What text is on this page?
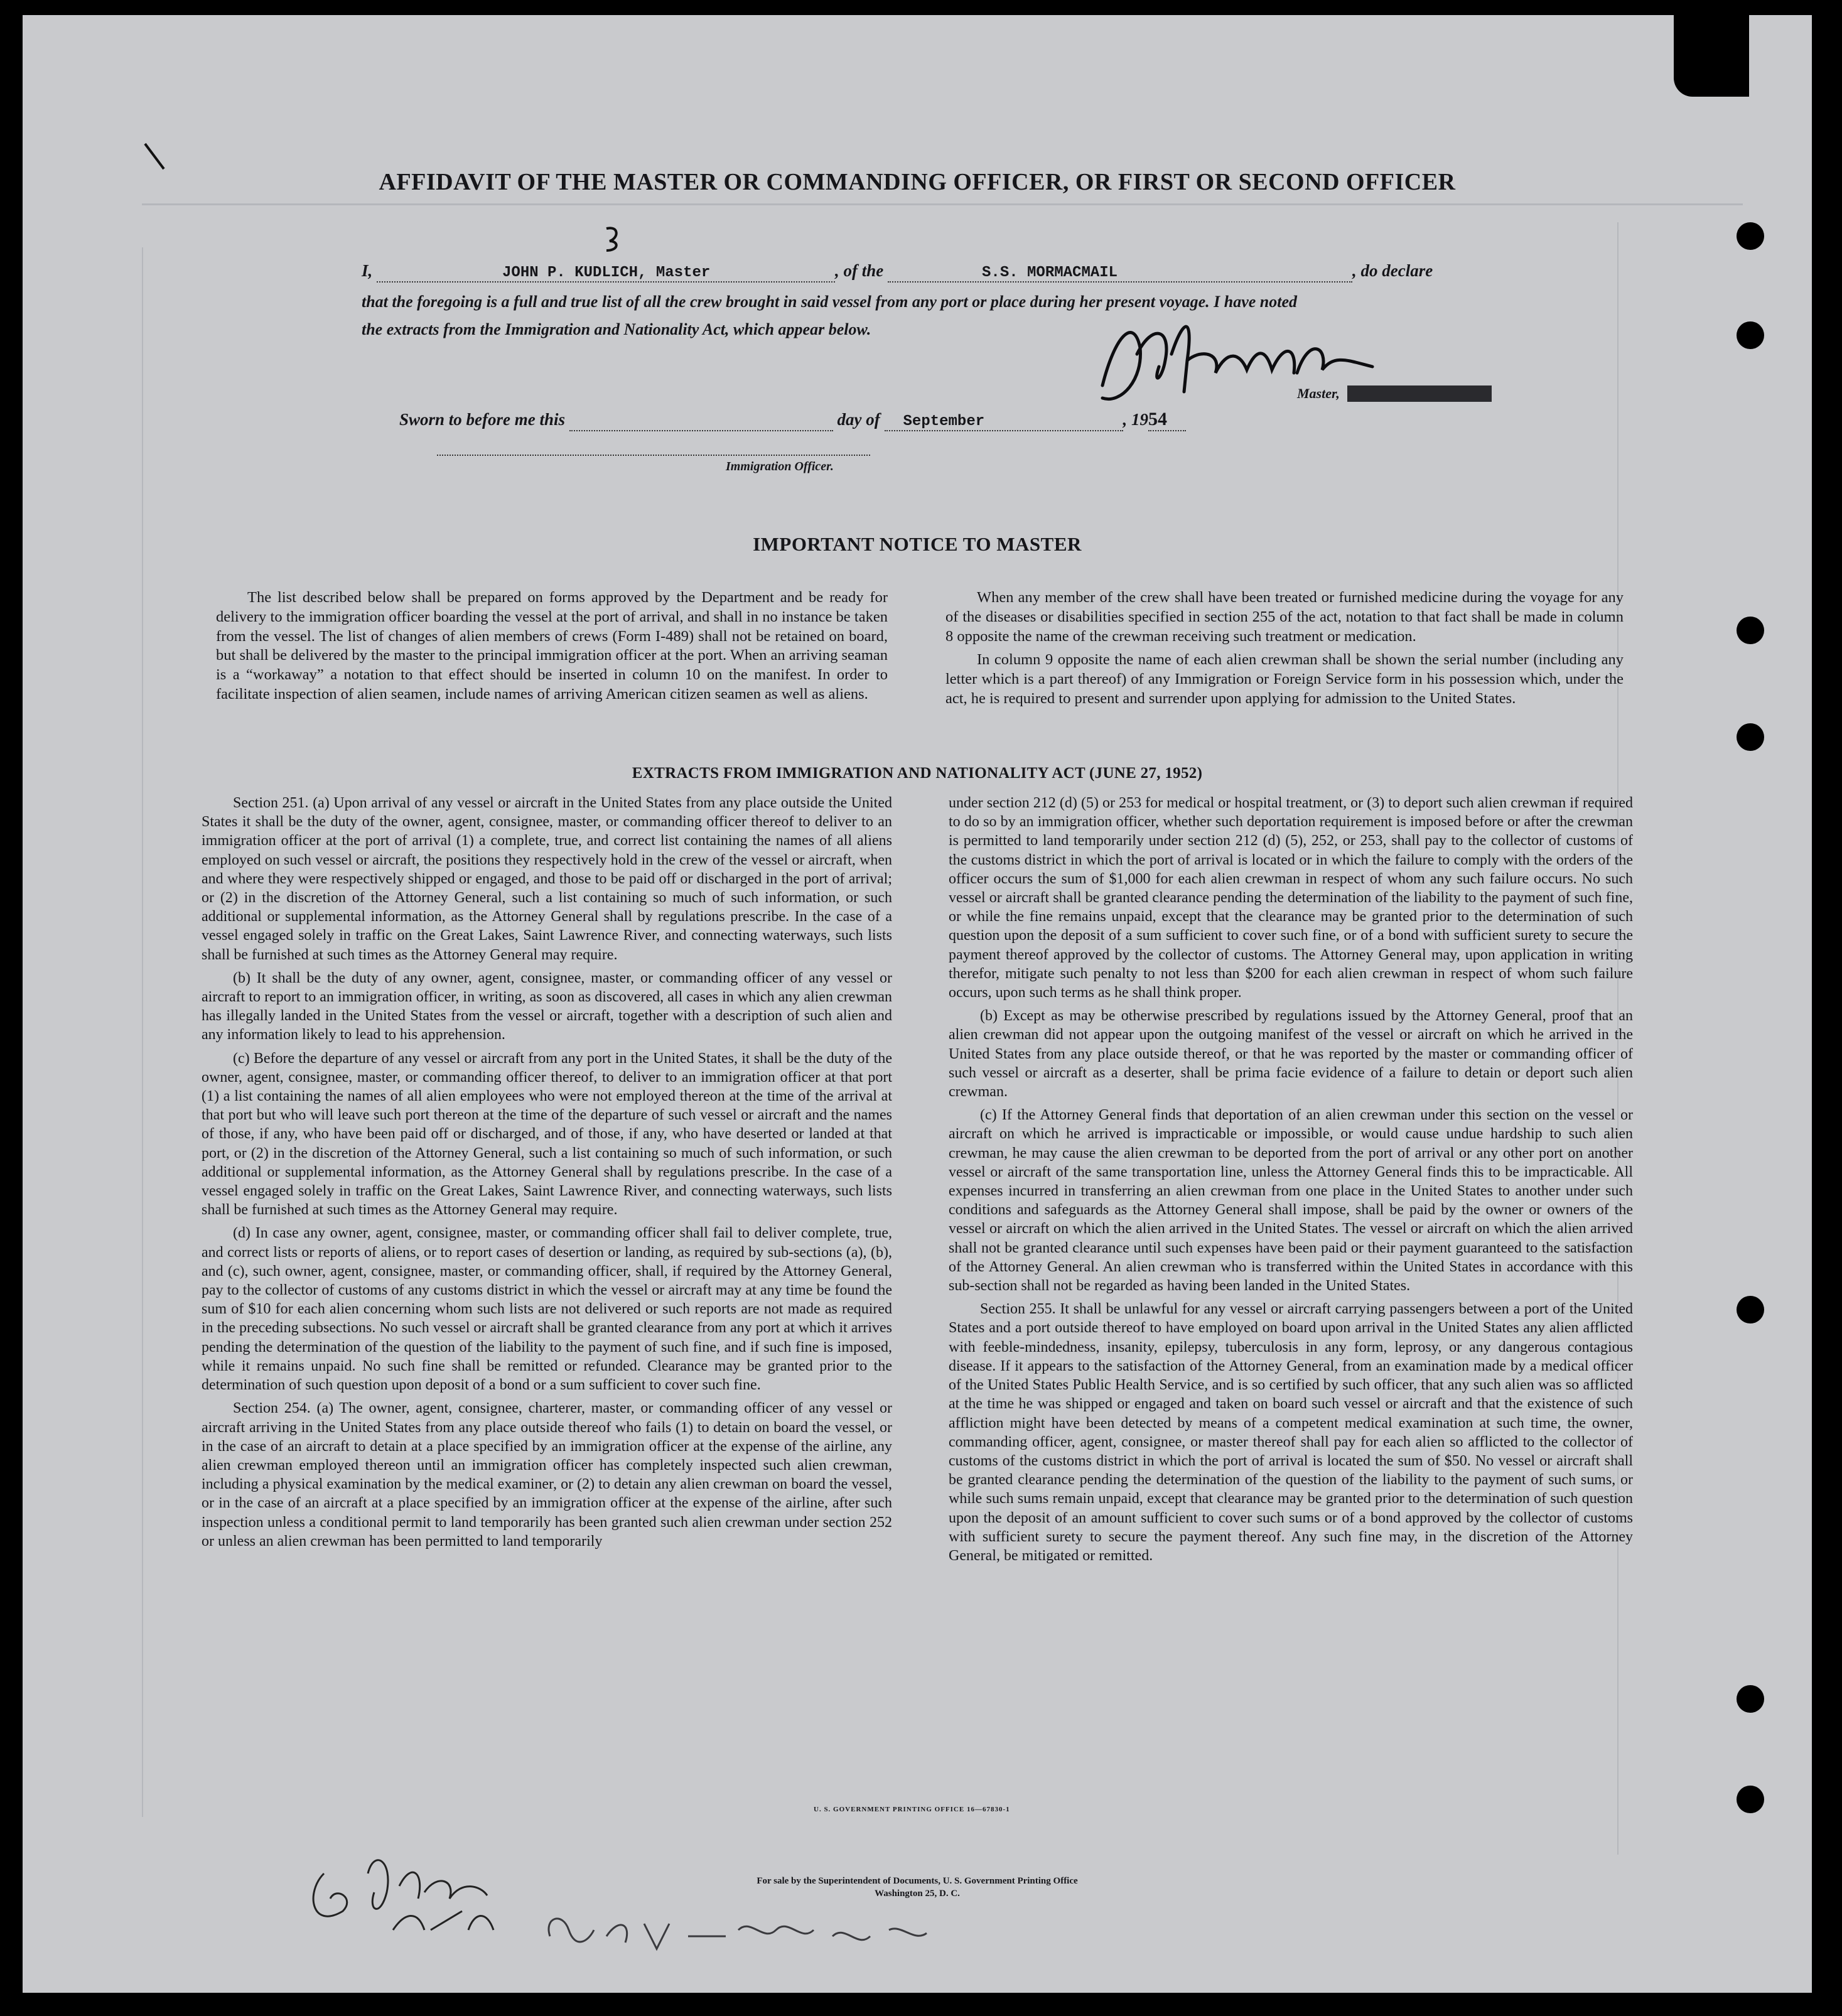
AFFIDAVIT OF THE MASTER OR COMMANDING OFFICER, OR FIRST OR SECOND OFFICER
I,	JOHN P. KUDLICH, Master	, of the	S.S. MORMACMAIL	, do declare
that the foregoing is a full and true list of all the crew brought in said vessel from any port or place during her present voyage. I have noted
the extracts from the Immigration and Nationality Act, which appear below.
Master,
Sworn to before me this	day of September	, 1954
Immigration Officer.
IMPORTANT NOTICE TO MASTER

The list described below shall be prepared on forms approved by the Department and be ready for delivery to the immigration officer boarding the vessel at the port of arrival, and shall in no instance be taken from the vessel. The list of changes of alien members of crews (Form I-489) shall not be retained on board, but shall be delivered by the master to the principal immigration officer at the port. When an arriving seaman is a “workaway” a notation to that effect should be inserted in column 10 on the manifest. In order to facilitate inspection of alien seamen, include names of arriving American citizen seamen as well as aliens.

When any member of the crew shall have been treated or furnished medicine during the voyage for any of the diseases or disabilities specified in section 255 of the act, notation to that fact shall be made in column 8 opposite the name of the crewman receiving such treatment or medication.

In column 9 opposite the name of each alien crewman shall be shown the serial number (including any letter which is a part thereof) of any Immigration or Foreign Service form in his possession which, under the act, he is required to present and surrender upon applying for admission to the United States.

EXTRACTS FROM IMMIGRATION AND NATIONALITY ACT (JUNE 27, 1952)

Section 251. (a) Upon arrival of any vessel or aircraft in the United States from any place outside the United States it shall be the duty of the owner, agent, consignee, master, or commanding officer thereof to deliver to an immigration officer at the port of arrival (1) a complete, true, and correct list containing the names of all aliens employed on such vessel or aircraft, the positions they respectively hold in the crew of the vessel or aircraft, when and where they were respectively shipped or engaged, and those to be paid off or discharged in the port of arrival; or (2) in the discretion of the Attorney General, such a list containing so much of such information, or such additional or supplemental information, as the Attorney General shall by regulations prescribe. In the case of a vessel engaged solely in traffic on the Great Lakes, Saint Lawrence River, and connecting waterways, such lists shall be furnished at such times as the Attorney General may require.

(b) It shall be the duty of any owner, agent, consignee, master, or commanding officer of any vessel or aircraft to report to an immigration officer, in writing, as soon as discovered, all cases in which any alien crewman has illegally landed in the United States from the vessel or aircraft, together with a description of such alien and any information likely to lead to his apprehension.

(c) Before the departure of any vessel or aircraft from any port in the United States, it shall be the duty of the owner, agent, consignee, master, or commanding officer thereof, to deliver to an immigration officer at that port (1) a list containing the names of all alien employees who were not employed thereon at the time of the arrival at that port but who will leave such port thereon at the time of the departure of such vessel or aircraft and the names of those, if any, who have been paid off or discharged, and of those, if any, who have deserted or landed at that port, or (2) in the discretion of the Attorney General, such a list containing so much of such information, or such additional or supplemental information, as the Attorney General shall by regulations prescribe. In the case of a vessel engaged solely in traffic on the Great Lakes, Saint Lawrence River, and connecting waterways, such lists shall be furnished at such times as the Attorney General may require.

(d) In case any owner, agent, consignee, master, or commanding officer shall fail to deliver complete, true, and correct lists or reports of aliens, or to report cases of desertion or landing, as required by sub-sections (a), (b), and (c), such owner, agent, consignee, master, or commanding officer, shall, if required by the Attorney General, pay to the collector of customs of any customs district in which the vessel or aircraft may at any time be found the sum of $10 for each alien concerning whom such lists are not delivered or such reports are not made as required in the preceding subsections. No such vessel or aircraft shall be granted clearance from any port at which it arrives pending the determination of the question of the liability to the payment of such fine, and if such fine is imposed, while it remains unpaid. No such fine shall be remitted or refunded. Clearance may be granted prior to the determination of such question upon deposit of a bond or a sum sufficient to cover such fine.

Section 254. (a) The owner, agent, consignee, charterer, master, or commanding officer of any vessel or aircraft arriving in the United States from any place outside thereof who fails (1) to detain on board the vessel, or in the case of an aircraft to detain at a place specified by an immigration officer at the expense of the airline, any alien crewman employed thereon until an immigration officer has completely inspected such alien crewman, including a physical examination by the medical examiner, or (2) to detain any alien crewman on board the vessel, or in the case of an aircraft at a place specified by an immigration officer at the expense of the airline, after such inspection unless a conditional permit to land temporarily has been granted such alien crewman under section 252 or unless an alien crewman has been permitted to land temporarily

under section 212 (d) (5) or 253 for medical or hospital treatment, or (3) to deport such alien crewman if required to do so by an immigration officer, whether such deportation requirement is imposed before or after the crewman is permitted to land temporarily under section 212 (d) (5), 252, or 253, shall pay to the collector of customs of the customs district in which the port of arrival is located or in which the failure to comply with the orders of the officer occurs the sum of $1,000 for each alien crewman in respect of whom any such failure occurs. No such vessel or aircraft shall be granted clearance pending the determination of the liability to the payment of such fine, or while the fine remains unpaid, except that the clearance may be granted prior to the determination of such question upon the deposit of a sum sufficient to cover such fine, or of a bond with sufficient surety to secure the payment thereof approved by the collector of customs. The Attorney General may, upon application in writing therefor, mitigate such penalty to not less than $200 for each alien crewman in respect of whom such failure occurs, upon such terms as he shall think proper.

(b) Except as may be otherwise prescribed by regulations issued by the Attorney General, proof that an alien crewman did not appear upon the outgoing manifest of the vessel or aircraft on which he arrived in the United States from any place outside thereof, or that he was reported by the master or commanding officer of such vessel or aircraft as a deserter, shall be prima facie evidence of a failure to detain or deport such alien crewman.

(c) If the Attorney General finds that deportation of an alien crewman under this section on the vessel or aircraft on which he arrived is impracticable or impossible, or would cause undue hardship to such alien crewman, he may cause the alien crewman to be deported from the port of arrival or any other port on another vessel or aircraft of the same transportation line, unless the Attorney General finds this to be impracticable. All expenses incurred in transferring an alien crewman from one place in the United States to another under such conditions and safeguards as the Attorney General shall impose, shall be paid by the owner or owners of the vessel or aircraft on which the alien arrived in the United States. The vessel or aircraft on which the alien arrived shall not be granted clearance until such expenses have been paid or their payment guaranteed to the satisfaction of the Attorney General. An alien crewman who is transferred within the United States in accordance with this sub-section shall not be regarded as having been landed in the United States.

Section 255. It shall be unlawful for any vessel or aircraft carrying passengers between a port of the United States and a port outside thereof to have employed on board upon arrival in the United States any alien afflicted with feeble-mindedness, insanity, epilepsy, tuberculosis in any form, leprosy, or any dangerous contagious disease. If it appears to the satisfaction of the Attorney General, from an examination made by a medical officer of the United States Public Health Service, and is so certified by such officer, that any such alien was so afflicted at the time he was shipped or engaged and taken on board such vessel or aircraft and that the existence of such affliction might have been detected by means of a competent medical examination at such time, the owner, commanding officer, agent, consignee, or master thereof shall pay for each alien so afflicted to the collector of customs of the customs district in which the port of arrival is located the sum of $50. No vessel or aircraft shall be granted clearance pending the determination of the question of the liability to the payment of such sums, or while such sums remain unpaid, except that clearance may be granted prior to the determination of such question upon the deposit of an amount sufficient to cover such sums or of a bond approved by the collector of customs with sufficient surety to secure the payment thereof. Any such fine may, in the discretion of the Attorney General, be mitigated or remitted.

U. S. GOVERNMENT PRINTING OFFICE 16—67830-1
For sale by the Superintendent of Documents, U. S. Government Printing Office
Washington 25, D. C.
